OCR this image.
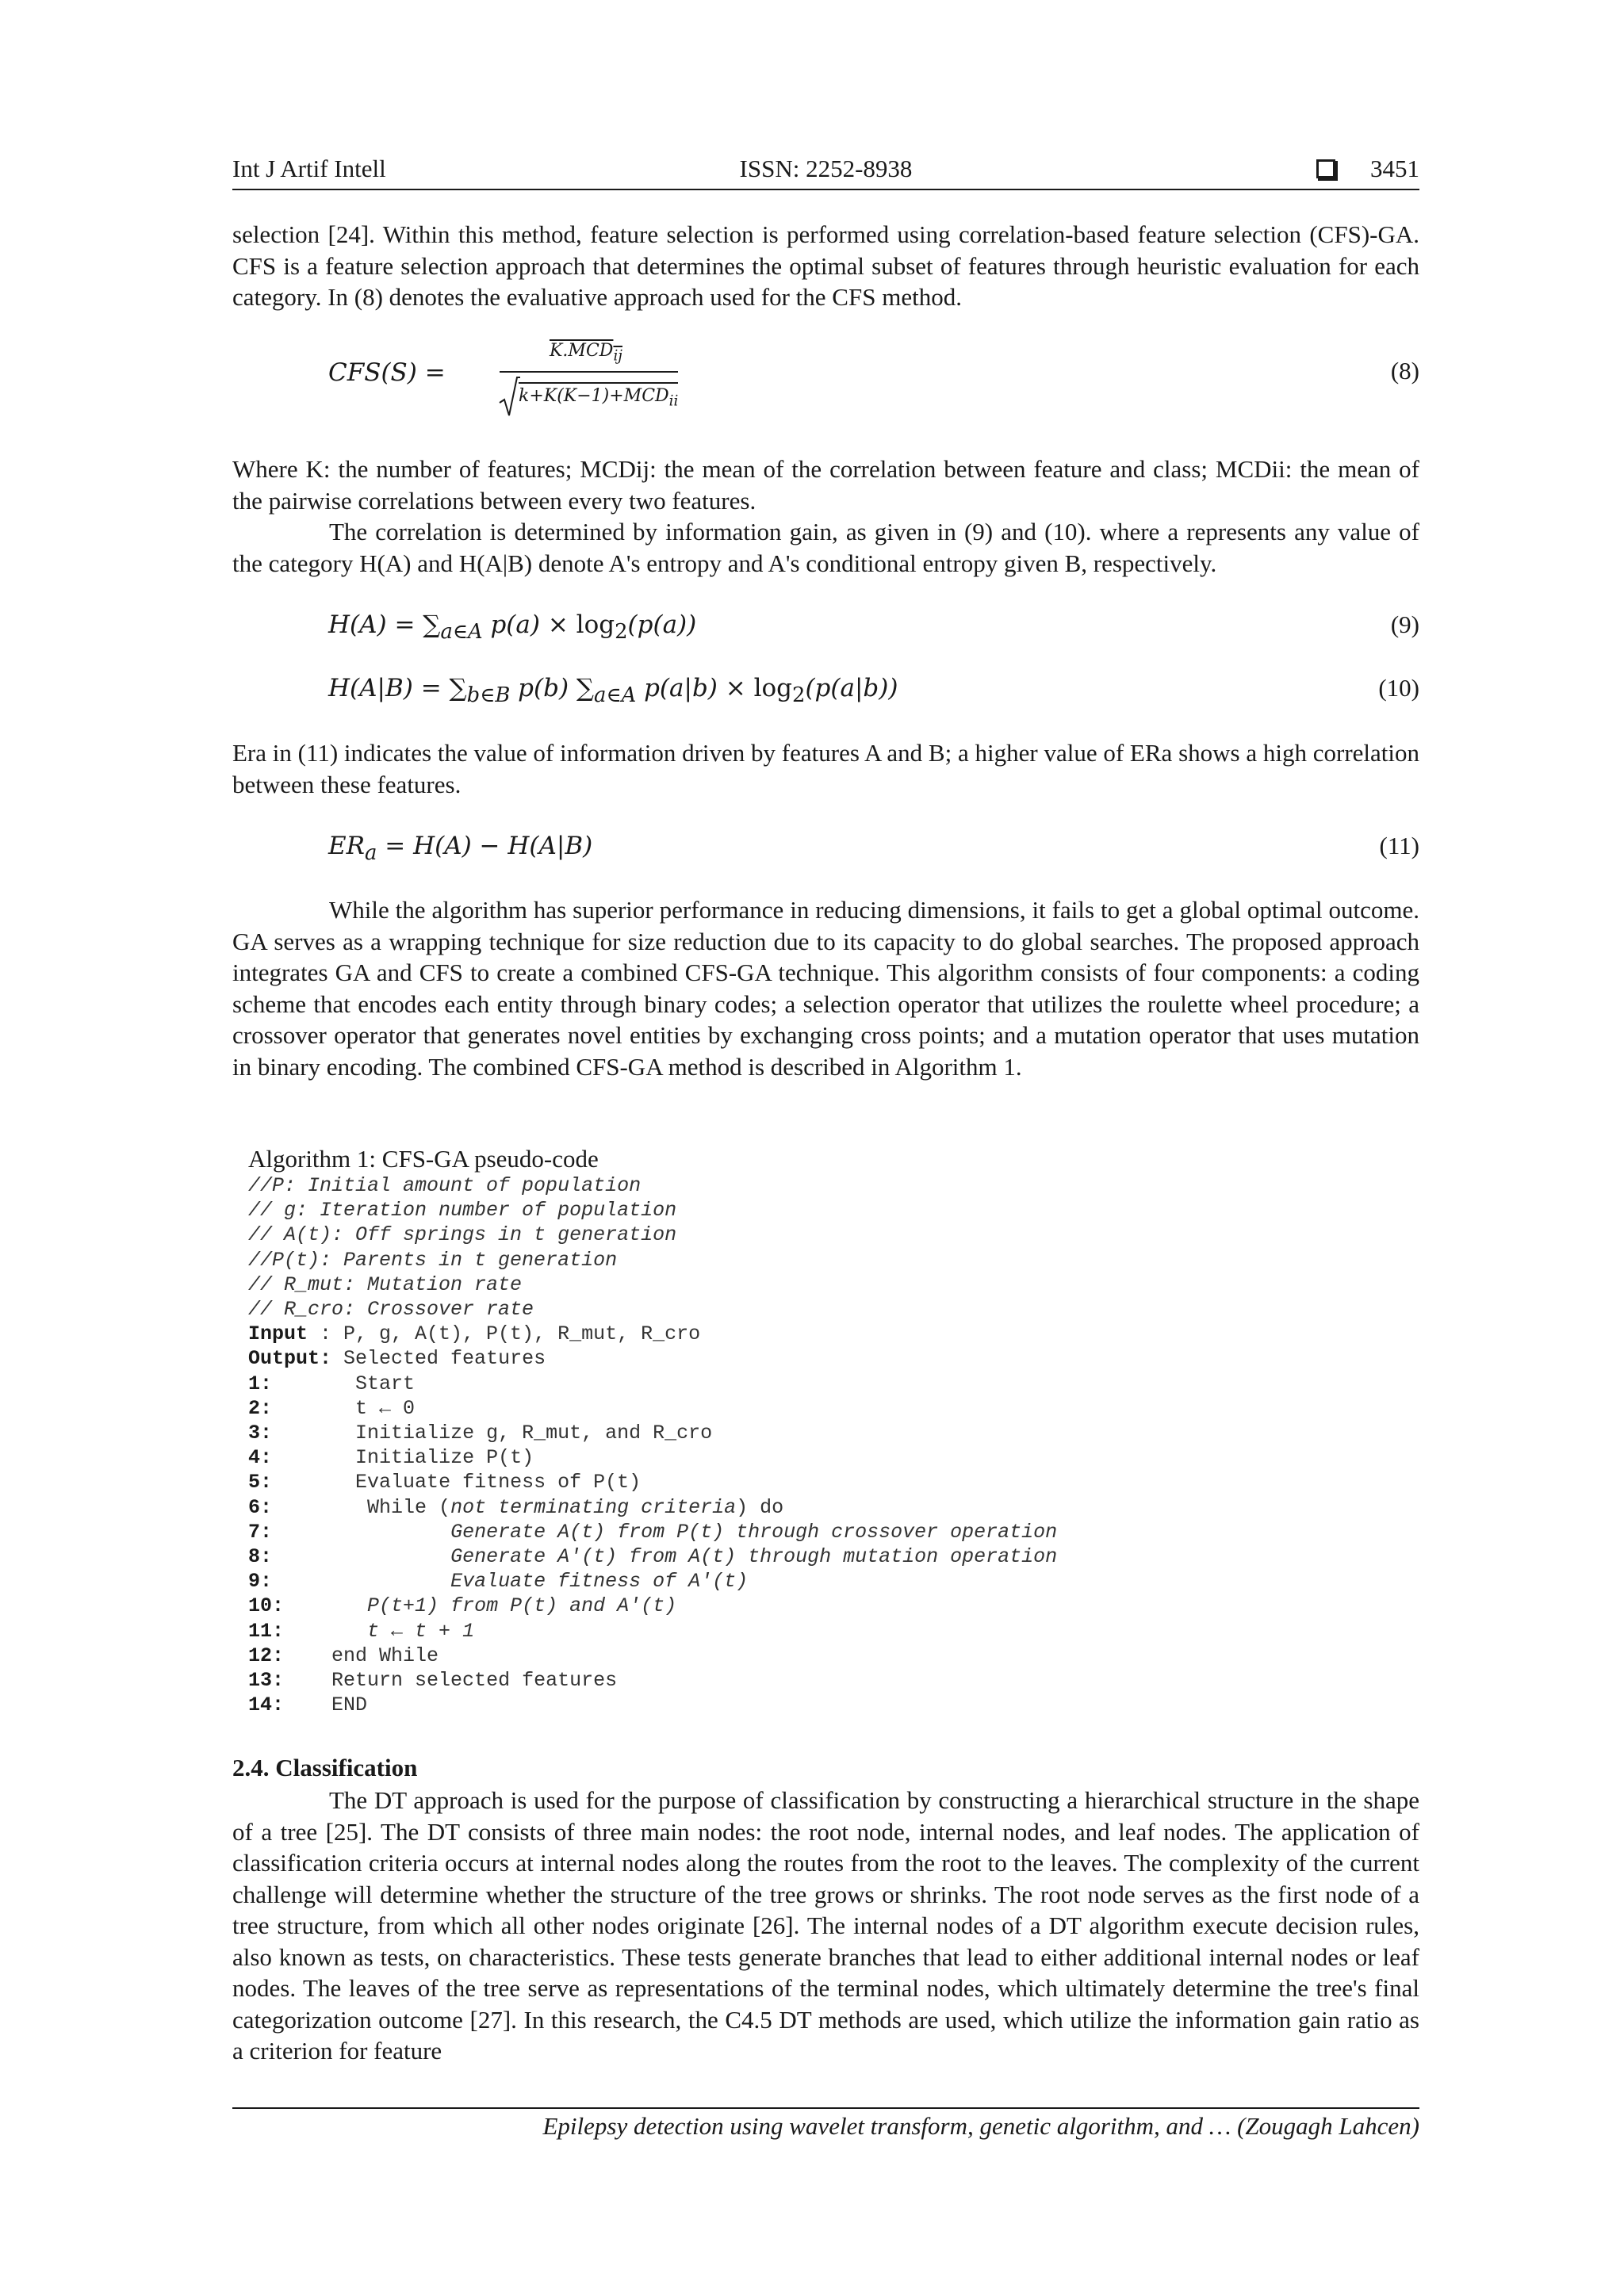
Int J Artif Intell	ISSN: 2252-8938	3451

selection [24]. Within this method, feature selection is performed using correlation-based feature selection (CFS)-GA. CFS is a feature selection approach that determines the optimal subset of features through heuristic evaluation for each category. In (8) denotes the evaluative approach used for the CFS method.

CFS(S) =
$K.MCD_{ij}$
$k+K(K-1)+MCD_{ii}$
(8)

Where K: the number of features; MCDij: the mean of the correlation between feature and class; MCDii: the mean of the pairwise correlations between every two features.

The correlation is determined by information gain, as given in (9) and (10). where a represents any value of the category H(A) and H(A|B) denote A's entropy and A's conditional entropy given B, respectively.

$H(A) = \sum_{a\in A}$ $p(a) \times \log_2(p(a))$	(9)
$H(A|B) = \sum_{b\in B}$ p(b) $\sum_{a\in A}$ $p(a|b) \times \log_2(p(a|b))$	(10)

Era in (11) indicates the value of information driven by features A and B; a higher value of ERa shows a high correlation between these features.

$ER_a = H(A) - H(A|B)$	(11)

While the algorithm has superior performance in reducing dimensions, it fails to get a global optimal outcome. GA serves as a wrapping technique for size reduction due to its capacity to do global searches. The proposed approach integrates GA and CFS to create a combined CFS-GA technique. This algorithm consists of four components: a coding scheme that encodes each entity through binary codes; a selection operator that utilizes the roulette wheel procedure; a crossover operator that generates novel entities by exchanging cross points; and a mutation operator that uses mutation in binary encoding. The combined CFS-GA method is described in Algorithm 1.

Algorithm 1: CFS-GA pseudo-code
//P: Initial amount of population
// g: Iteration number of population
// A(t): Off springs in t generation
//P(t): Parents in t generation
// R_mut: Mutation rate
// R_cro: Crossover rate
Input : P, g, A(t), P(t), R_mut, R_cro
Output: Selected features
1:
	Start
2:
	t ← 0
3:
	Initialize g, R_mut, and R_cro
4:
	Initialize P(t)
5:
	Evaluate fitness of P(t)
6:
	While ( not terminating criteria ) do
7:
	Generate A(t) from P(t) through crossover operation
8:
	Generate A'(t) from A(t) through mutation operation
9:
	Evaluate fitness of A'(t)
10:
	P(t+1) from P(t) and A'(t)
11:
	t ← t + 1
12:
end While
13:
Return selected features
14:
END
2.4. Classification

The DT approach is used for the purpose of classification by constructing a hierarchical structure in the shape of a tree [25]. The DT consists of three main nodes: the root node, internal nodes, and leaf nodes. The application of classification criteria occurs at internal nodes along the routes from the root to the leaves. The complexity of the current challenge will determine whether the structure of the tree grows or shrinks. The root node serves as the first node of a tree structure, from which all other nodes originate [26]. The internal nodes of a DT algorithm execute decision rules, also known as tests, on characteristics. These tests generate branches that lead to either additional internal nodes or leaf nodes. The leaves of the tree serve as representations of the terminal nodes, which ultimately determine the tree's final categorization outcome [27]. In this research, the C4.5 DT methods are used, which utilize the information gain ratio as a criterion for feature

Epilepsy detection using wavelet transform, genetic algorithm, and … (Zougagh Lahcen)
